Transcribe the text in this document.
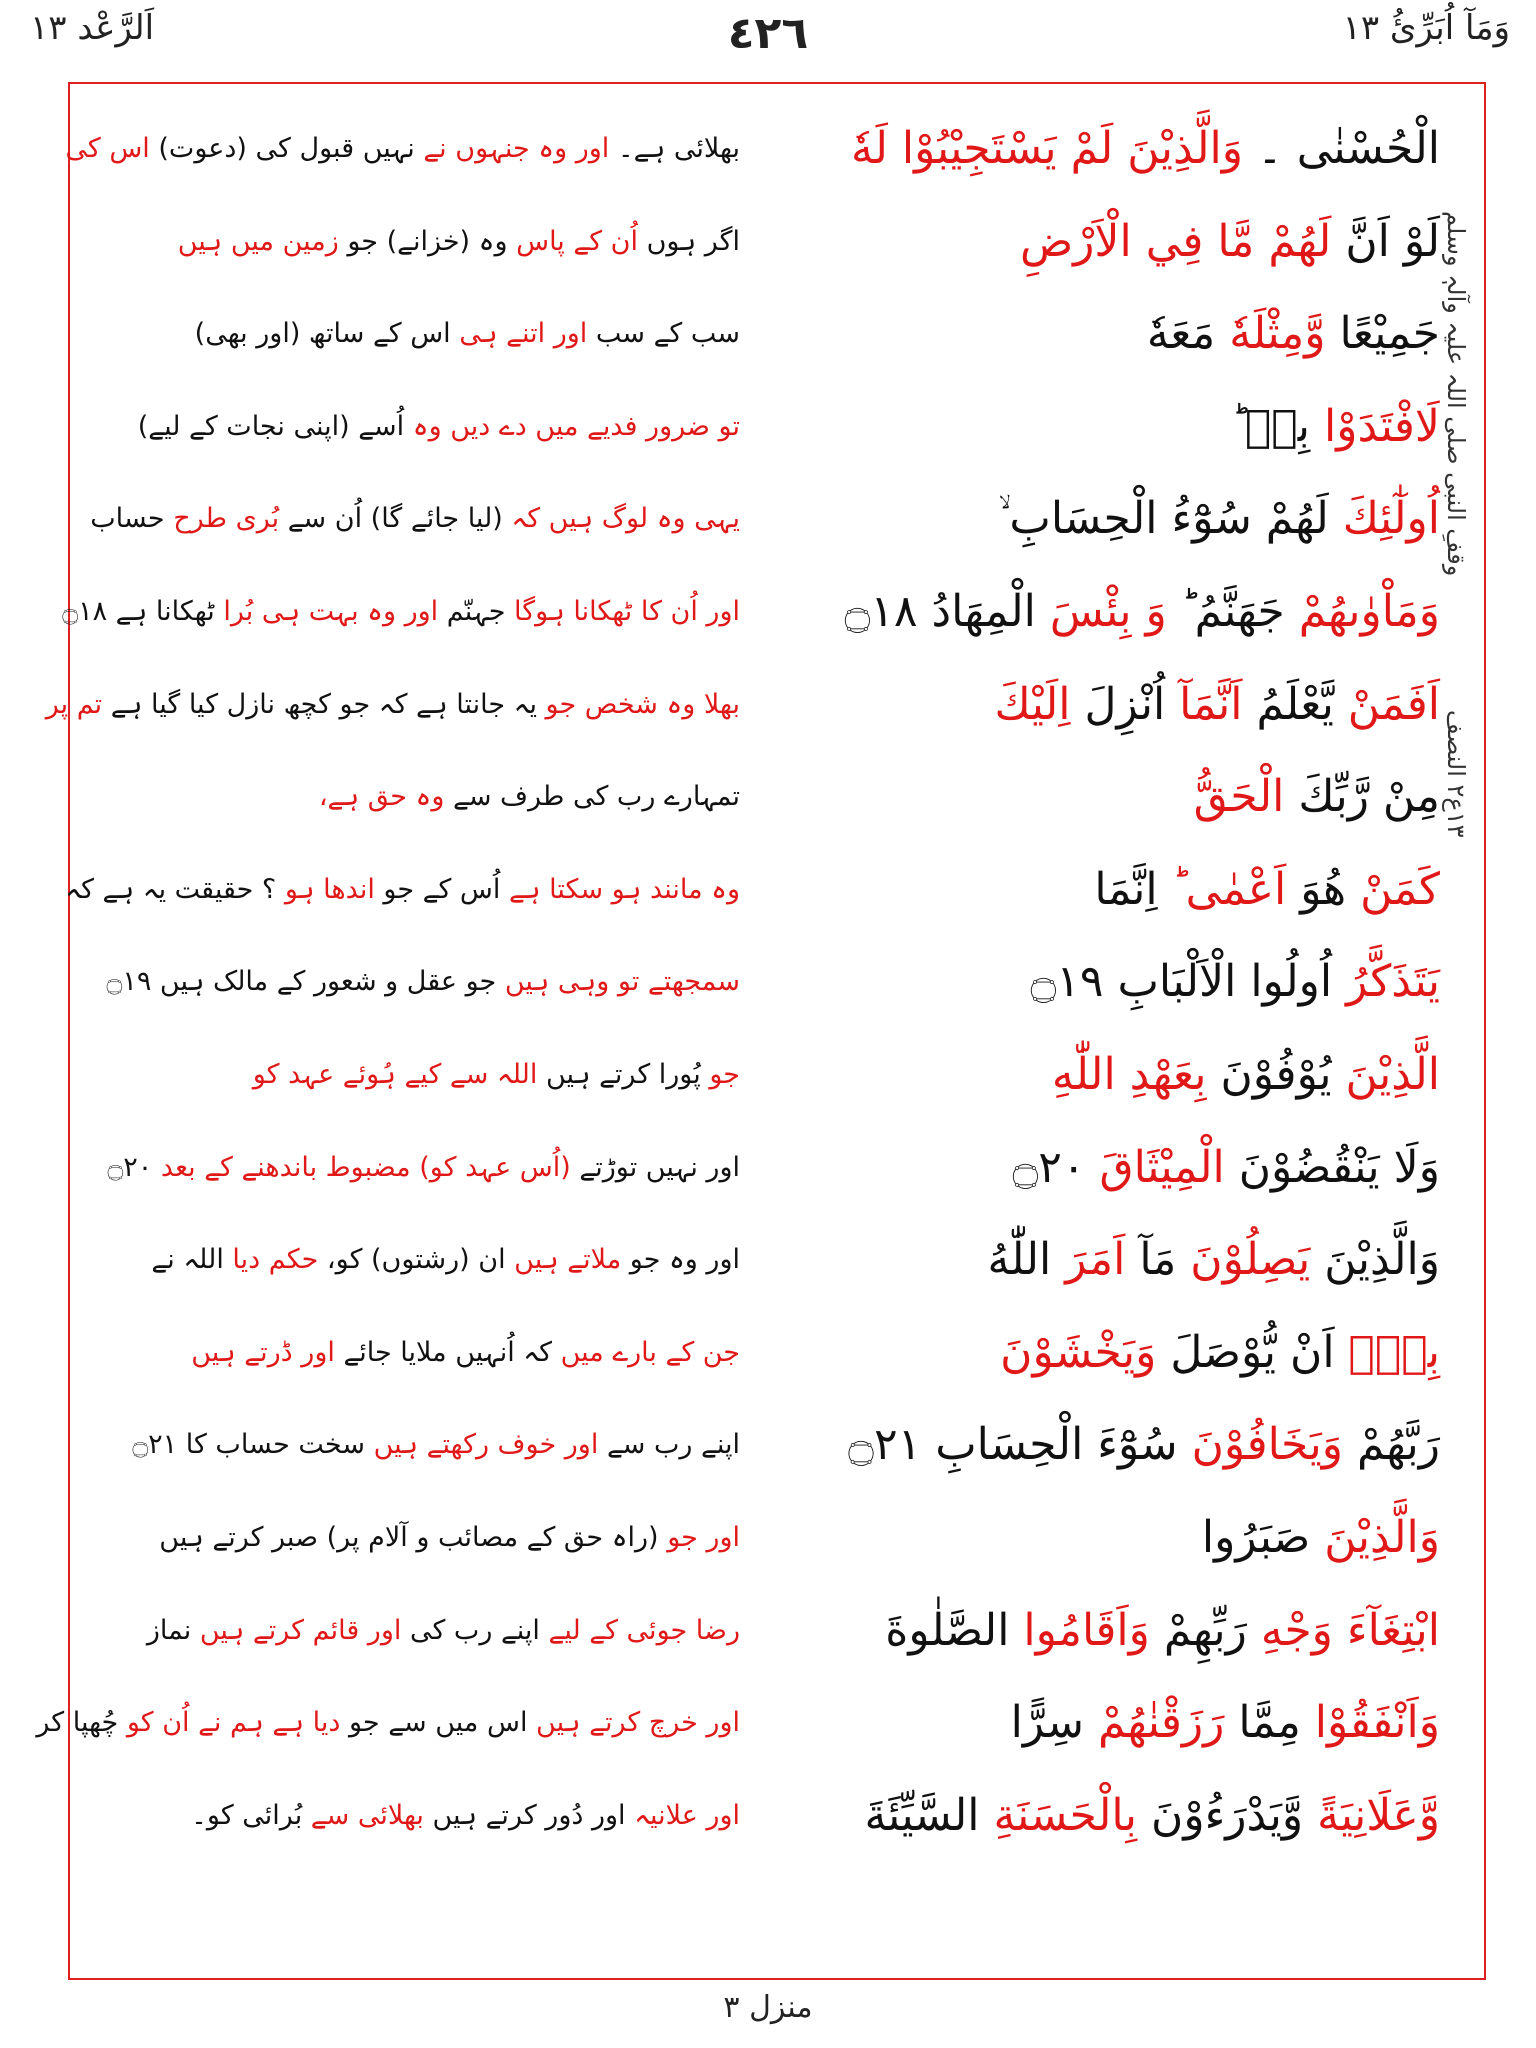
اَلرَّعْد ١٣	٤٢٦	وَمَآ اُبَرِّئُ ١٣
وقفِ النبی صلی اللہ علیہ وآلہٖ وسلم
١٣ع٢ النصف
الْحُسْنٰى ۔ وَالَّذِيْنَ لَمْ يَسْتَجِيْبُوْا لَهٗ
بھلائی ہے۔ اور وہ جنہوں نے نہیں قبول کی (دعوت) اس کی
لَوْ اَنَّ لَهُمْ مَّا فِي الْاَرْضِ
اگر ہوں اُن کے پاس وہ (خزانے) جو زمین میں ہیں
جَمِيْعًا وَّمِثْلَهٗ مَعَهٗ
سب کے سب اور اتنے ہی اس کے ساتھ (اور بھی)
لَافْتَدَوْا بِهٖ ؕ
تو ضرور فدیے میں دے دیں وہ اُسے (اپنی نجات کے لیے)
اُولٰٓئِكَ لَهُمْ سُوْٓءُ الْحِسَابِ ۙ
یہی وہ لوگ ہیں کہ (لیا جائے گا) اُن سے بُری طرح حساب
وَمَاْوٰىهُمْ جَهَنَّمُ ؕ وَ بِئْسَ الْمِهَادُ ۝١٨
اور اُن کا ٹھکانا ہوگا جہنّم اور وہ بہت ہی بُرا ٹھکانا ہے ۝١٨
اَفَمَنْ يَّعْلَمُ اَنَّمَآ اُنْزِلَ اِلَيْكَ
بھلا وہ شخص جو یہ جانتا ہے کہ جو کچھ نازل کیا گیا ہے تم پر
مِنْ رَّبِّكَ الْحَقُّ
تمہارے رب کی طرف سے وہ حق ہے،
كَمَنْ هُوَ اَعْمٰى ؕ اِنَّمَا
وہ مانند ہو سکتا ہے اُس کے جو اندھا ہو ؟ حقیقت یہ ہے کہ
يَتَذَكَّرُ اُولُوا الْاَلْبَابِ ۝١٩
سمجھتے تو وہی ہیں جو عقل و شعور کے مالک ہیں ۝١٩
الَّذِيْنَ يُوْفُوْنَ بِعَهْدِ اللّٰهِ
جو پُورا کرتے ہیں اللہ سے کیے ہُوئے عہد کو
وَلَا يَنْقُضُوْنَ الْمِيْثَاقَ ۝٢٠
اور نہیں توڑتے (اُس عہد کو) مضبوط باندھنے کے بعد ۝٢٠
وَالَّذِيْنَ يَصِلُوْنَ مَآ اَمَرَ اللّٰهُ
اور وہ جو ملاتے ہیں ان (رشتوں) کو، حکم دیا اللہ نے
بِهٖٓ اَنْ يُّوْصَلَ وَيَخْشَوْنَ
جن کے بارے میں کہ اُنہیں ملایا جائے اور ڈرتے ہیں
رَبَّهُمْ وَيَخَافُوْنَ سُوْٓءَ الْحِسَابِ ۝٢١
اپنے رب سے اور خوف رکھتے ہیں سخت حساب کا ۝٢١
وَالَّذِيْنَ صَبَرُوا
اور جو (راہ حق کے مصائب و آلام پر) صبر کرتے ہیں
ابْتِغَآءَ وَجْهِ رَبِّهِمْ وَاَقَامُوا الصَّلٰوةَ
رضا جوئی کے لیے اپنے رب کی اور قائم کرتے ہیں نماز
وَاَنْفَقُوْا مِمَّا رَزَقْنٰهُمْ سِرًّا
اور خرچ کرتے ہیں اس میں سے جو دیا ہے ہم نے اُن کو چُھپا کر
وَّعَلَانِيَةً وَّيَدْرَءُوْنَ بِالْحَسَنَةِ السَّيِّئَةَ
اور علانیہ اور دُور کرتے ہیں بھلائی سے بُرائی کو۔
منزل ٣
